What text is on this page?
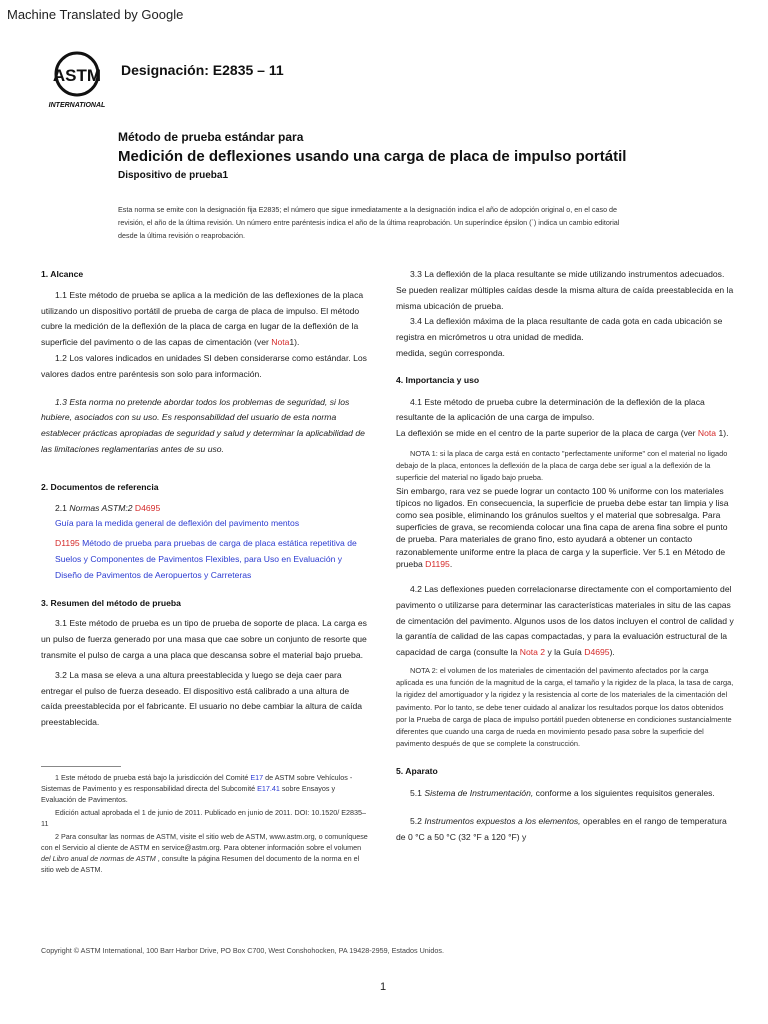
Machine Translated by Google
ASTM
INTERNATIONAL
Designación: E2835 – 11
Método de prueba estándar para
Medición de deflexiones usando una carga de placa de impulso portátil
Dispositivo de prueba1
Esta norma se emite con la designación fija E2835; el número que sigue inmediatamente a la designación indica el año de adopción original o, en el caso de revisión, el año de la última revisión. Un número entre paréntesis indica el año de la última reaprobación. Un superíndice épsilon (´) indica un cambio editorial desde la última revisión o reaprobación.
1. Alcance

1.1 Este método de prueba se aplica a la medición de las deflexiones de la placa utilizando un dispositivo portátil de prueba de carga de placa de impulso. El método cubre la medición de la deflexión de la placa de carga en lugar de la deflexión de la superficie del pavimento o de las capas de cimentación (ver Nota1).

1.2 Los valores indicados en unidades SI deben considerarse como estándar. Los valores dados entre paréntesis son solo para información.

1.3 Esta norma no pretende abordar todos los problemas de seguridad, si los hubiere, asociados con su uso. Es responsabilidad del usuario de esta norma establecer prácticas apropiadas de seguridad y salud y determinar la aplicabilidad de las limitaciones reglamentarias antes de su uso.

2. Documentos de referencia

2.1 Normas ASTM:2 D4695

Guía para la medida general de deflexión del pavimento mentos

D1195 Método de prueba para pruebas de carga de placa estática repetitiva de Suelos y Componentes de Pavimentos Flexibles, para Uso en Evaluación y Diseño de Pavimentos de Aeropuertos y Carreteras

3. Resumen del método de prueba

3.1 Este método de prueba es un tipo de prueba de soporte de placa. La carga es un pulso de fuerza generado por una masa que cae sobre un conjunto de resorte que transmite el pulso de carga a una placa que descansa sobre el material bajo prueba.

3.2 La masa se eleva a una altura preestablecida y luego se deja caer para entregar el pulso de fuerza deseado. El dispositivo está calibrado a una altura de caída preestablecida por el fabricante. El usuario no debe cambiar la altura de caída preestablecida.

1 Este método de prueba está bajo la jurisdicción del Comité E17 de ASTM sobre Vehículos - Sistemas de Pavimento y es responsabilidad directa del Subcomité E17.41 sobre Ensayos y Evaluación de Pavimentos.

Edición actual aprobada el 1 de junio de 2011. Publicado en junio de 2011. DOI: 10.1520/ E2835–11

2 Para consultar las normas de ASTM, visite el sitio web de ASTM, www.astm.org, o comuníquese con el Servicio al cliente de ASTM en service@astm.org. Para obtener información sobre el volumen del Libro anual de normas de ASTM , consulte la página Resumen del documento de la norma en el sitio web de ASTM.

3.3 La deflexión de la placa resultante se mide utilizando instrumentos adecuados. Se pueden realizar múltiples caídas desde la misma altura de caída preestablecida en la misma ubicación de prueba.

3.4 La deflexión máxima de la placa resultante de cada gota en cada ubicación se registra en micrómetros u otra unidad de medida.

medida, según corresponda.

4. Importancia y uso

4.1 Este método de prueba cubre la determinación de la deflexión de la placa resultante de la aplicación de una carga de impulso.

La deflexión se mide en el centro de la parte superior de la placa de carga (ver Nota 1).

NOTA 1: si la placa de carga está en contacto "perfectamente uniforme" con el material no ligado debajo de la placa, entonces la deflexión de la placa de carga debe ser igual a la deflexión de la superficie del material no ligado bajo prueba.

Sin embargo, rara vez se puede lograr un contacto 100 % uniforme con los materiales típicos no ligados. En consecuencia, la superficie de prueba debe estar tan limpia y lisa como sea posible, eliminando los gránulos sueltos y el material que sobresalga. Para superficies de grava, se recomienda colocar una fina capa de arena fina sobre el punto de prueba. Para materiales de grano fino, esto ayudará a obtener un contacto razonablemente uniforme entre la placa de carga y la superficie. Ver 5.1 en Método de prueba D1195.

4.2 Las deflexiones pueden correlacionarse directamente con el comportamiento del pavimento o utilizarse para determinar las características materiales in situ de las capas de cimentación del pavimento. Algunos usos de los datos incluyen el control de calidad y la garantía de calidad de las capas compactadas, y para la evaluación estructural de la capacidad de carga (consulte la Nota 2 y la Guía D4695).

NOTA 2: el volumen de los materiales de cimentación del pavimento afectados por la carga aplicada es una función de la magnitud de la carga, el tamaño y la rigidez de la placa, la tasa de carga, la rigidez del amortiguador y la rigidez y la resistencia al corte de los materiales de la cimentación del pavimento. Por lo tanto, se debe tener cuidado al analizar los resultados porque los datos obtenidos por la Prueba de carga de placa de impulso portátil pueden obtenerse en condiciones sustancialmente diferentes que cuando una carga de rueda en movimiento pesado pasa sobre la superficie del pavimento después de que se complete la construcción.

5. Aparato

5.1 Sistema de Instrumentación, conforme a los siguientes requisitos generales.

5.2 Instrumentos expuestos a los elementos, operables en el rango de temperatura de 0 °C a 50 °C (32 °F a 120 °F) y

Copyright © ASTM International, 100 Barr Harbor Drive, PO Box C700, West Conshohocken, PA 19428-2959, Estados Unidos.
1
